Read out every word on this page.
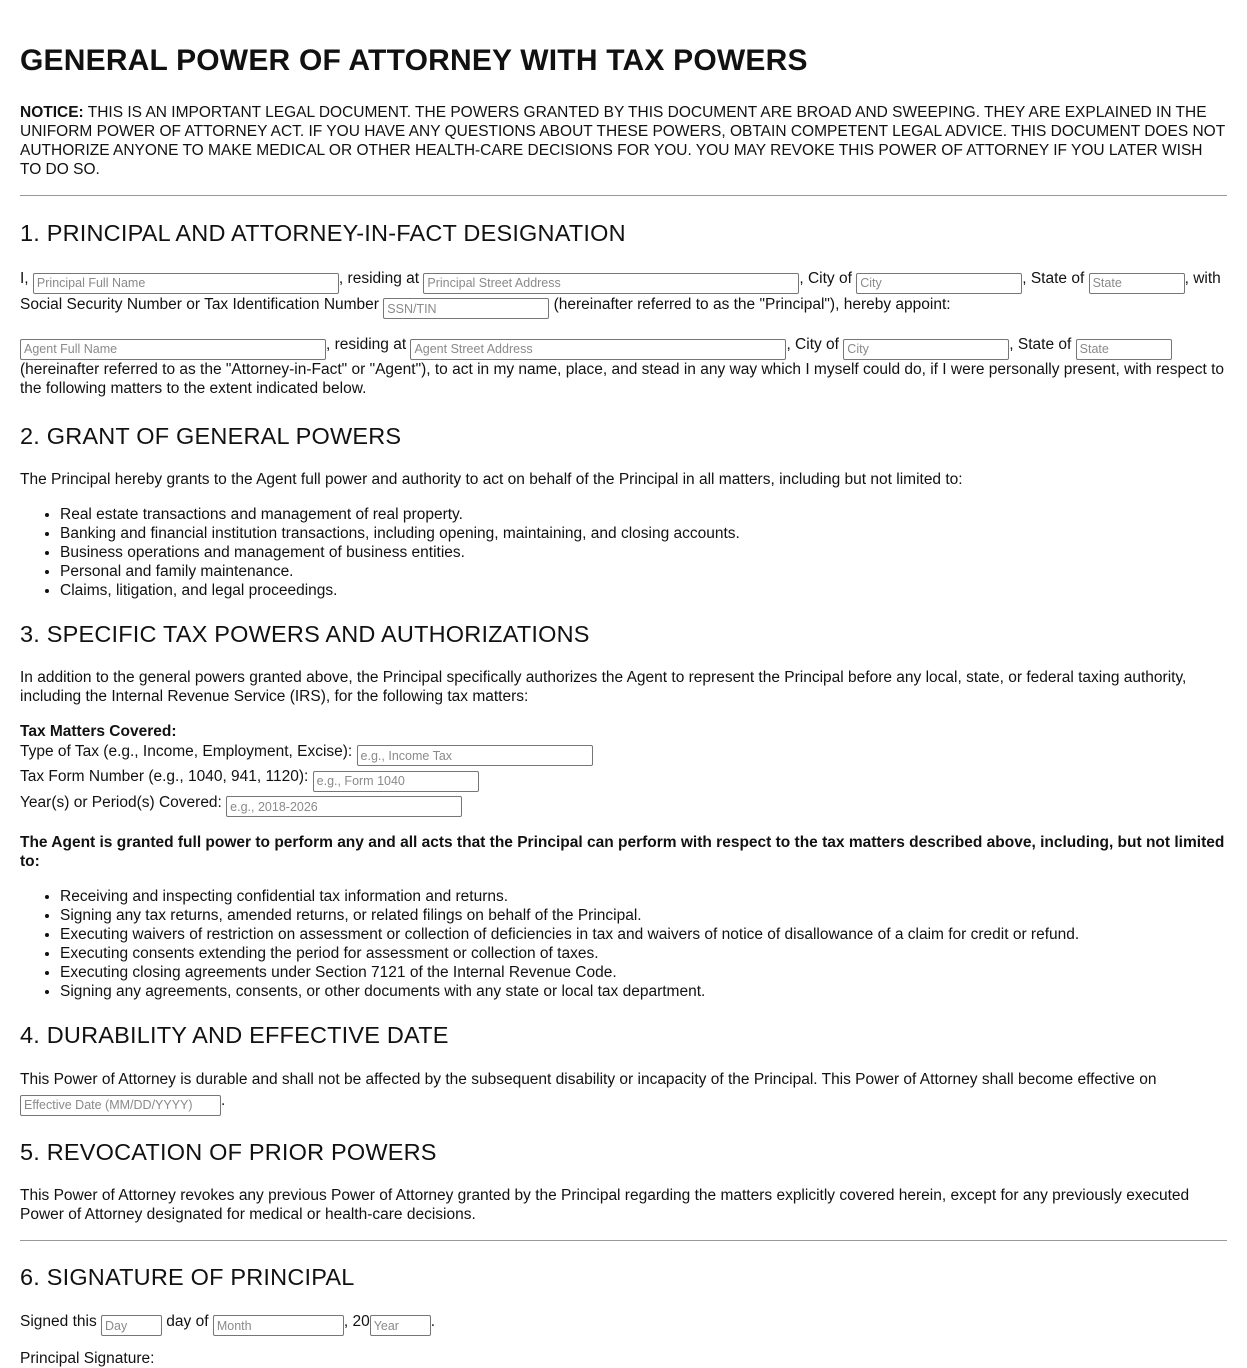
GENERAL POWER OF ATTORNEY WITH TAX POWERS

NOTICE: THIS IS AN IMPORTANT LEGAL DOCUMENT. THE POWERS GRANTED BY THIS DOCUMENT ARE BROAD AND SWEEPING. THEY ARE EXPLAINED IN THE UNIFORM POWER OF ATTORNEY ACT. IF YOU HAVE ANY QUESTIONS ABOUT THESE POWERS, OBTAIN COMPETENT LEGAL ADVICE. THIS DOCUMENT DOES NOT AUTHORIZE ANYONE TO MAKE MEDICAL OR OTHER HEALTH-CARE DECISIONS FOR YOU. YOU MAY REVOKE THIS POWER OF ATTORNEY IF YOU LATER WISH TO DO SO.

1. PRINCIPAL AND ATTORNEY-IN-FACT DESIGNATION

I, Principal Full Name	, residing at Principal Street Address	, City of City	, State of State	, with Social Security Number or Tax Identification Number SSN/TIN	(hereinafter referred to as the "Principal"), hereby appoint:

Agent Full Name, residing at Agent Street Address	, City of City	, State of State (hereinafter referred to as the "Attorney-in-Fact" or "Agent"), to act in my name, place, and stead in any way which I myself could do, if I were personally present, with respect to the following matters to the extent indicated below.

2. GRANT OF GENERAL POWERS

The Principal hereby grants to the Agent full power and authority to act on behalf of the Principal in all matters, including but not limited to:

• Real estate transactions and management of real property.
• Banking and financial institution transactions, including opening, maintaining, and closing accounts.
• Business operations and management of business entities.
• Personal and family maintenance.
• Claims, litigation, and legal proceedings.
3. SPECIFIC TAX POWERS AND AUTHORIZATIONS

In addition to the general powers granted above, the Principal specifically authorizes the Agent to represent the Principal before any local, state, or federal taxing authority, including the Internal Revenue Service (IRS), for the following tax matters:

Tax Matters Covered:

Type of Tax (e.g., Income, Employment, Excise): e.g., Income Tax

Tax Form Number (e.g., 1040, 941, 1120): e.g., Form 1040

Year(s) or Period(s) Covered: e.g., 2018-2026

The Agent is granted full power to perform any and all acts that the Principal can perform with respect to the tax matters described above, including, but not limited to:

• Receiving and inspecting confidential tax information and returns.
• Signing any tax returns, amended returns, or related filings on behalf of the Principal.
• Executing waivers of restriction on assessment or collection of deficiencies in tax and waivers of notice of disallowance of a claim for credit or refund.
• Executing consents extending the period for assessment or collection of taxes.
• Executing closing agreements under Section 7121 of the Internal Revenue Code.
• Signing any agreements, consents, or other documents with any state or local tax department.
4. DURABILITY AND EFFECTIVE DATE

This Power of Attorney is durable and shall not be affected by the subsequent disability or incapacity of the Principal. This Power of Attorney shall become effective on Effective Date (MM/DD/YYYY).

5. REVOCATION OF PRIOR POWERS

This Power of Attorney revokes any previous Power of Attorney granted by the Principal regarding the matters explicitly covered herein, except for any previously executed Power of Attorney designated for medical or health-care decisions.

6. SIGNATURE OF PRINCIPAL

Signed this Day	day of Month	, 20Year	.

Principal Signature:
